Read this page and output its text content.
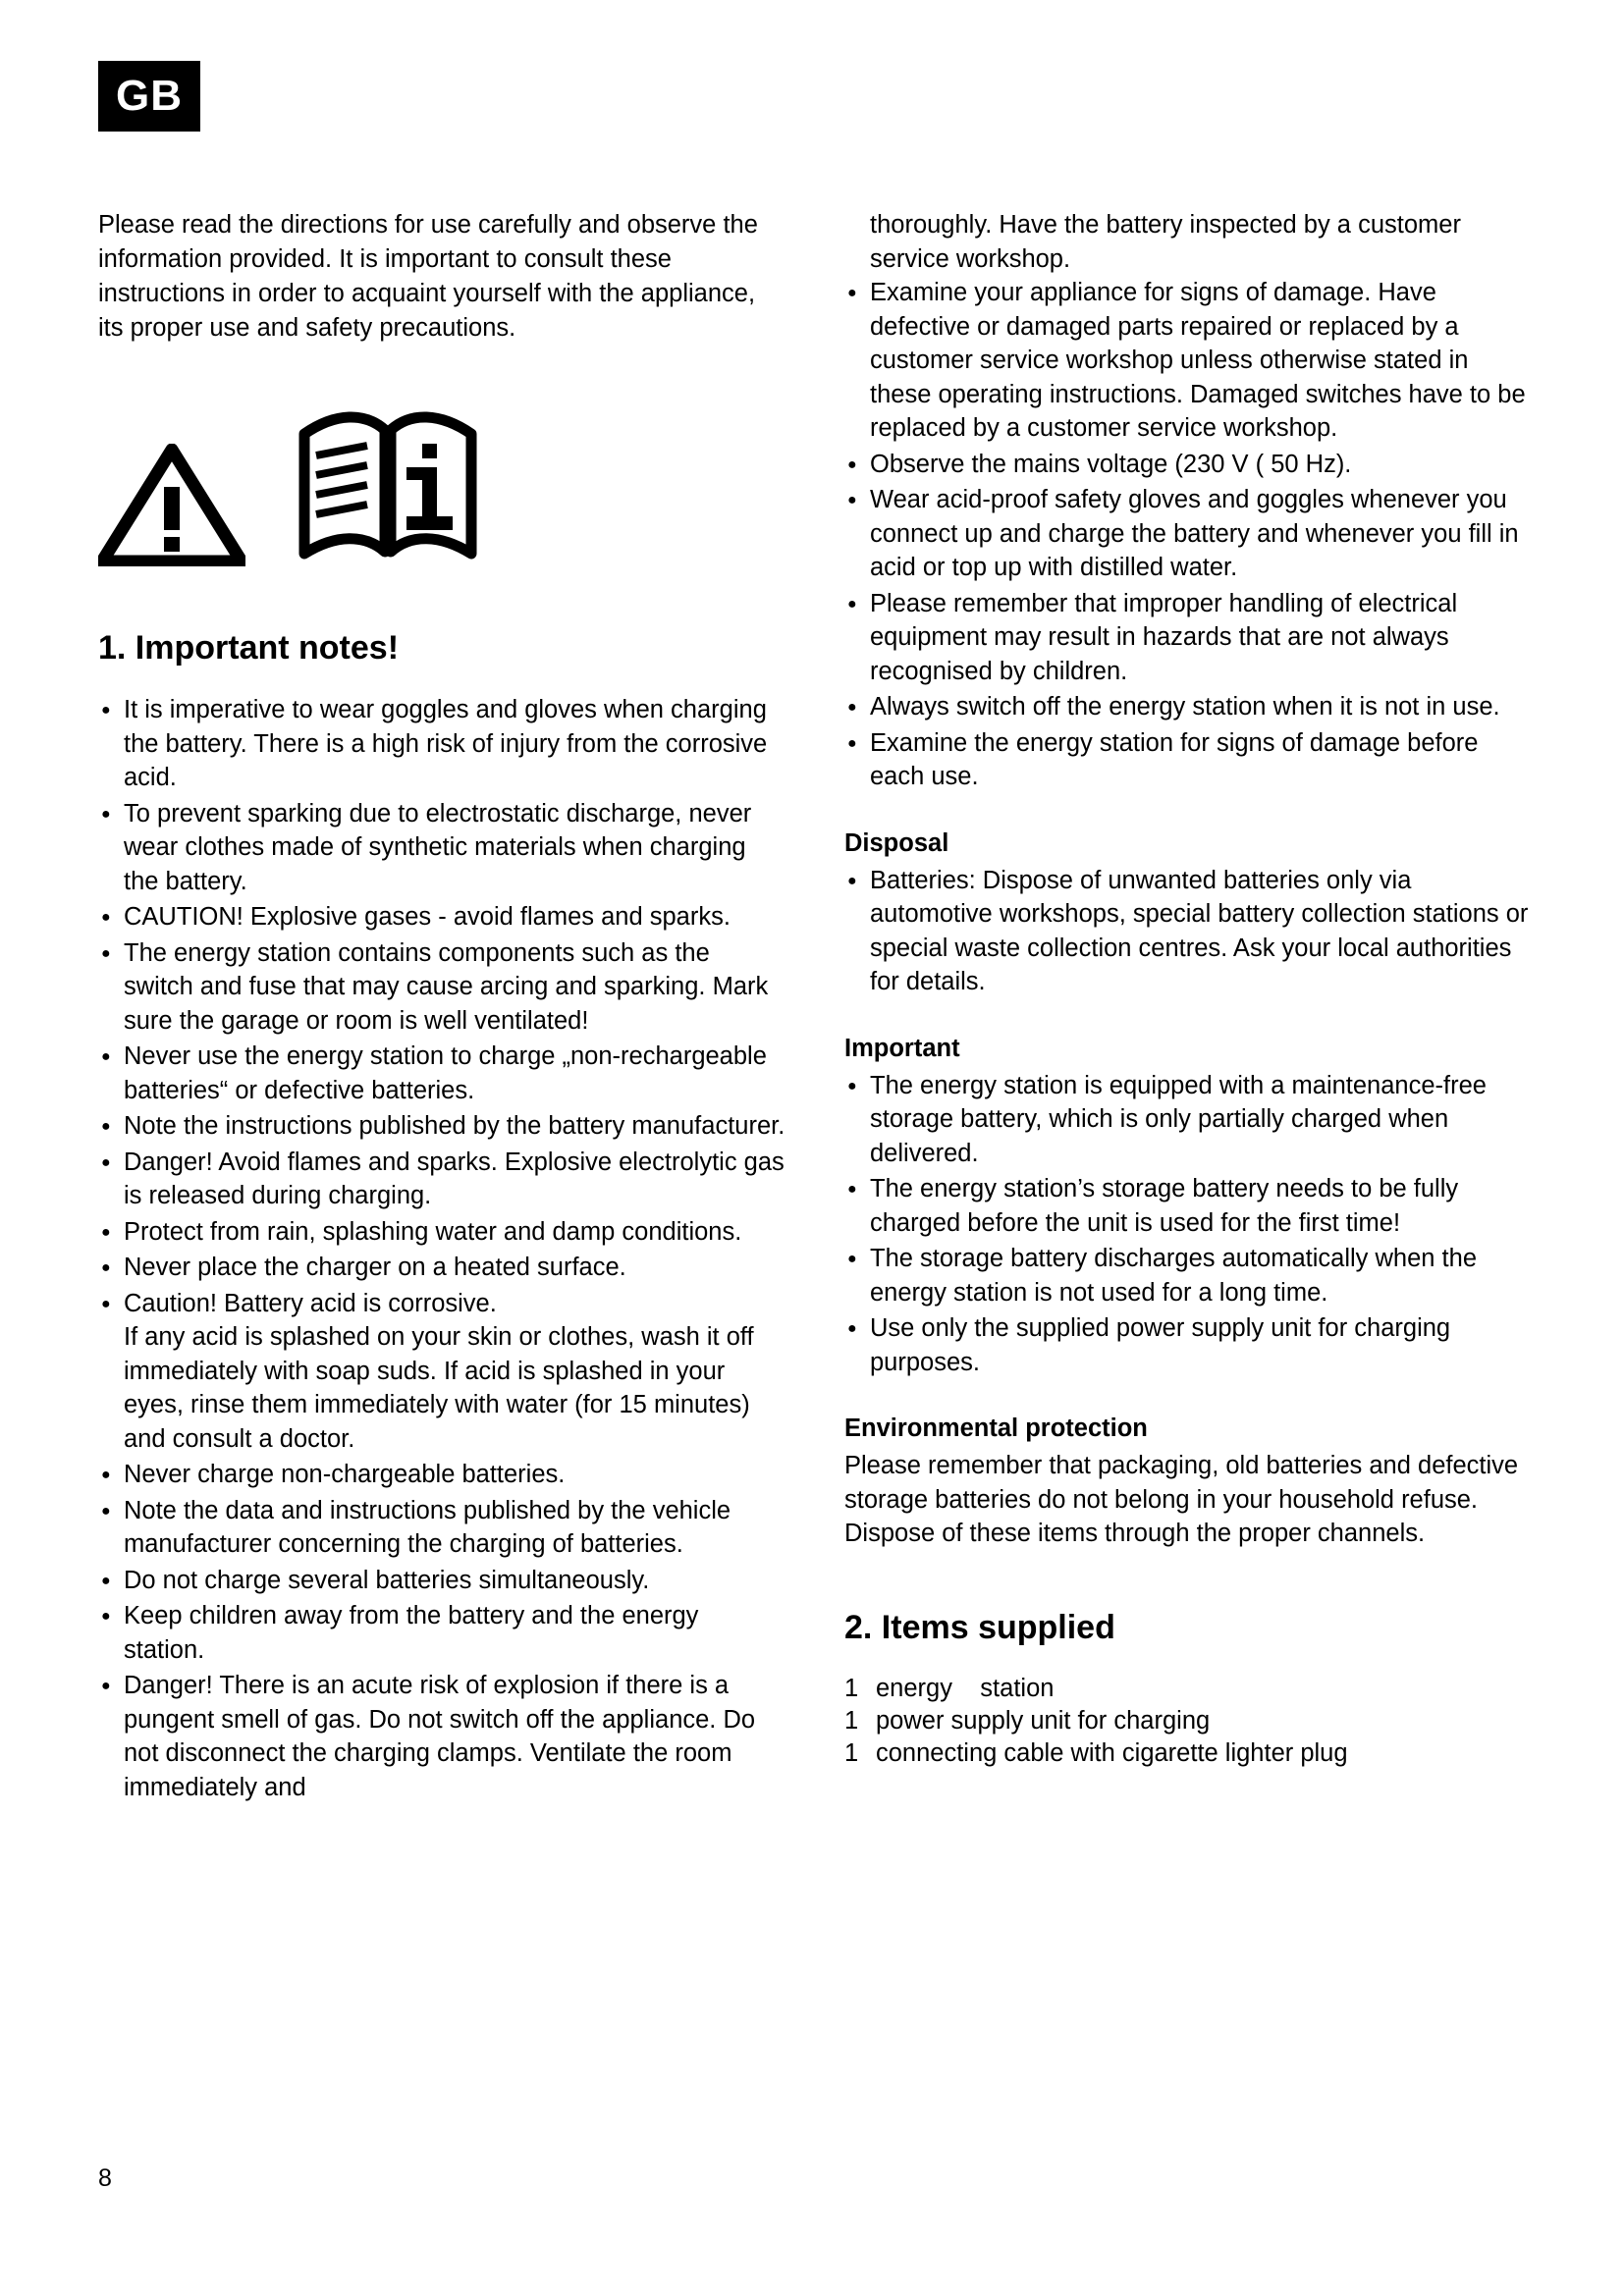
GB

Please read the directions for use carefully and observe the information provided. It is important to consult these instructions in order to acquaint yourself with the appliance, its proper use and safety precautions.

1. Important notes!
● It is imperative to wear goggles and gloves when charging the battery. There is a high risk of injury from the corrosive acid.
● To prevent sparking due to electrostatic discharge, never wear clothes made of synthetic materials when charging the battery.
● CAUTION! Explosive gases - avoid flames and sparks.
● The energy station contains components such as the switch and fuse that may cause arcing and sparking. Mark sure the garage or room is well ventilated!
● Never use the energy station to charge „non-rechargeable batteries“ or defective batteries.
● Note the instructions published by the battery manufacturer.
● Danger! Avoid flames and sparks. Explosive electrolytic gas is released during charging.
● Protect from rain, splashing water and damp conditions.
● Never place the charger on a heated surface.
● Caution! Battery acid is corrosive.
If any acid is splashed on your skin or clothes, wash it off immediately with soap suds. If acid is splashed in your eyes, rinse them immediately with water (for 15 minutes) and consult a doctor.
● Never charge non-chargeable batteries.
● Note the data and instructions published by the vehicle manufacturer concerning the charging of batteries.
● Do not charge several batteries simultaneously.
● Keep children away from the battery and the energy station.
● Danger! There is an acute risk of explosion if there is a pungent smell of gas. Do not switch off the appliance. Do not disconnect the charging clamps. Ventilate the room immediately and

thoroughly. Have the battery inspected by a customer service workshop.

● Examine your appliance for signs of damage. Have defective or damaged parts repaired or replaced by a customer service workshop unless otherwise stated in these operating instructions. Damaged switches have to be replaced by a customer service workshop.
● Observe the mains voltage (230 V ( 50 Hz).
● Wear acid-proof safety gloves and goggles whenever you connect up and charge the battery and whenever you fill in acid or top up with distilled water.
● Please remember that improper handling of electrical equipment may result in hazards that are not always recognised by children.
● Always switch off the energy station when it is not in use.
● Examine the energy station for signs of damage before each use.
Disposal
● Batteries: Dispose of unwanted batteries only via automotive workshops, special battery collection stations or special waste collection centres. Ask your local authorities for details.
Important
● The energy station is equipped with a maintenance-free storage battery, which is only partially charged when delivered.
● The energy station’s storage battery needs to be fully charged before the unit is used for the first time!
● The storage battery discharges automatically when the energy station is not used for a long time.
● Use only the supplied power supply unit for charging purposes.
Environmental protection

Please remember that packaging, old batteries and defective storage batteries do not belong in your household refuse. Dispose of these items through the proper channels.

2. Items supplied
1 energy    station
1 power supply unit for charging
1 connecting cable with cigarette lighter plug
8
